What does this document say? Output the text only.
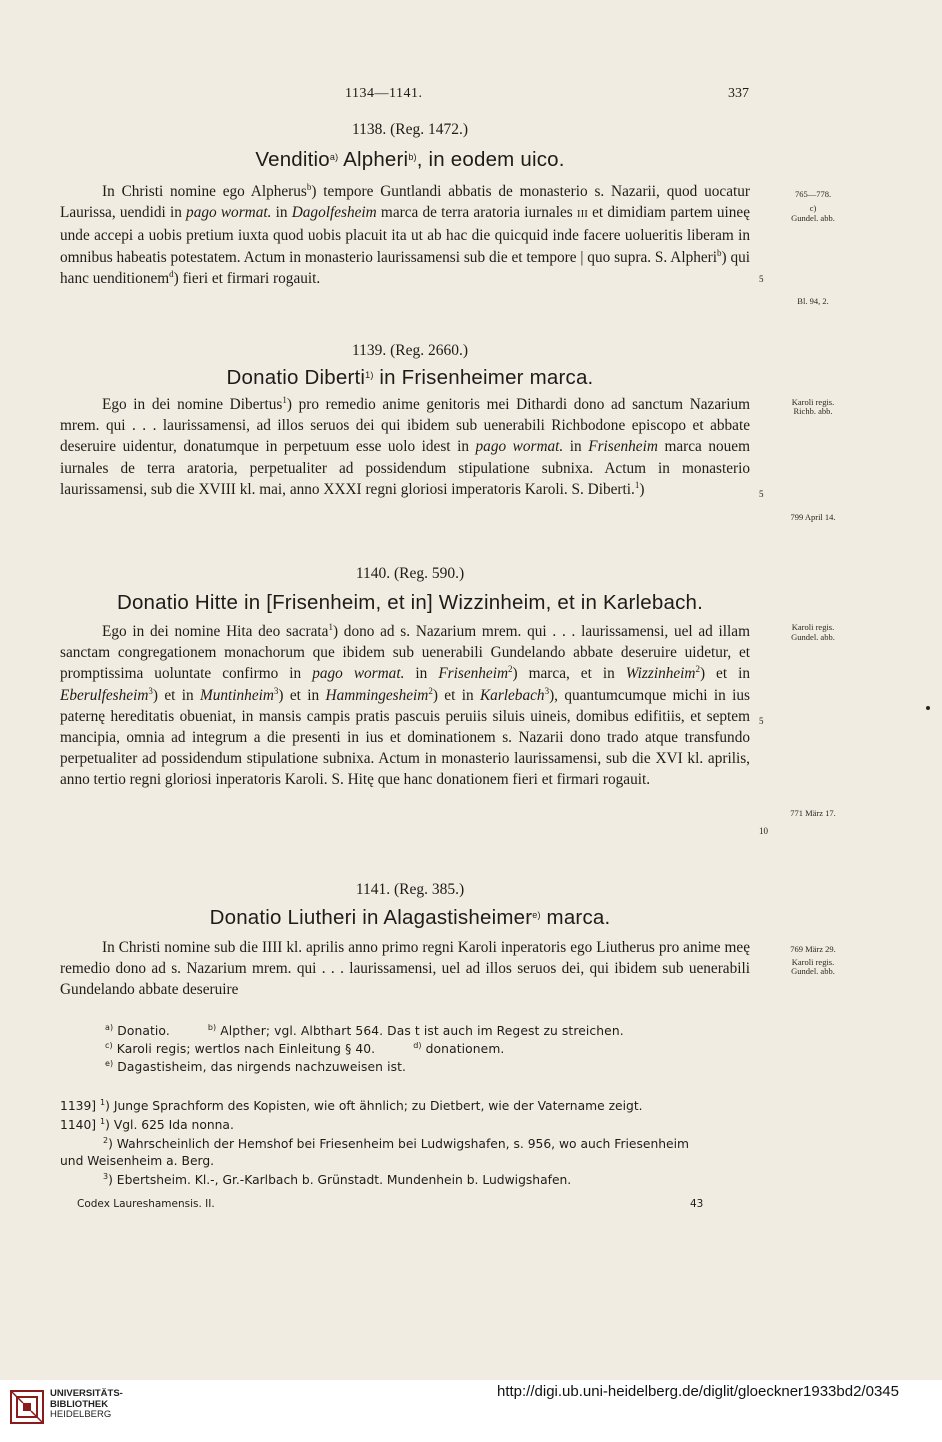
1134—1141.	337
1138. (Reg. 1472.)
Venditio$^{a)}$ Alpheri$^{b)}$, in eodem uico.

In Christi nomine ego Alpherus$^b$) tempore Guntlandi abbatis de monasterio s. Nazarii, quod uocatur Laurissa, uendidi in pago wormat. in Dagolfesheim marca de terra aratoria iurnales III et dimidiam partem uineę unde accepi a uobis pretium iuxta quod uobis placuit ita ut ab hac die quicquid inde facere uolueritis liberam in omnibus habeatis potestatem. Actum in monasterio laurissamensi sub die et tempore | quo supra. S. Alpheri$^b$) qui hanc uenditionem$^d$) fieri et firmari rogauit.

765—778.
c)
Gundel. abb.
Bl. 94, 2.
5
1139. (Reg. 2660.)
Donatio Diberti$^{1)}$ in Frisenheimer marca.

Ego in dei nomine Dibertus$^1$) pro remedio anime genitoris mei Dithardi dono ad sanctum Nazarium mrem. qui . . . laurissamensi, ad illos seruos dei qui ibidem sub uenerabili Richbodone episcopo et abbate deseruire uidentur, donatumque in perpetuum esse uolo idest in pago wormat. in Frisenheim marca nouem iurnales de terra aratoria, perpetualiter ad possidendum stipulatione subnixa. Actum in monasterio laurissamensi, sub die XVIII kl. mai, anno XXXI regni gloriosi imperatoris Karoli. S. Diberti.$^1$)

Karoli regis.
Richb. abb.
799 April 14.
5
1140. (Reg. 590.)
Donatio Hitte in [Frisenheim, et in] Wizzinheim, et in Karlebach.

Ego in dei nomine Hita deo sacrata$^1$) dono ad s. Nazarium mrem. qui . . . laurissamensi, uel ad illam sanctam congregationem monachorum que ibidem sub uenerabili Gundelando abbate deseruire uidetur, et promptissima uoluntate confirmo in pago wormat. in Frisenheim$^2$) marca, et in Wizzinheim$^2$) et in Eberulfesheim$^3$) et in Muntinheim$^3$) et in Hammingesheim$^2$) et in Karlebach$^3$), quantumcumque michi in ius paternę hereditatis obueniat, in mansis campis pratis pascuis peruiis siluis uineis, domibus edifitiis, et septem mancipia, omnia ad integrum a die presenti in ius et dominationem s. Nazarii dono trado atque transfundo perpetualiter ad possidendum stipulatione subnixa. Actum in monasterio laurissamensi, sub die XVI kl. aprilis, anno tertio regni gloriosi inperatoris Karoli. S. Hitę que hanc donationem fieri et firmari rogauit.

Karoli regis.
Gundel. abb.
771 März 17.
5
10
1141. (Reg. 385.)
Donatio Liutheri in Alagastisheimer$^{e)}$ marca.

In Christi nomine sub die IIII kl. aprilis anno primo regni Karoli inperatoris ego Liutherus pro anime meę remedio dono ad s. Nazarium mrem. qui . . . laurissamensi, uel ad illos seruos dei, qui ibidem sub uenerabili Gundelando abbate deseruire

769 März 29.
Karoli regis.
Gundel. abb.
$^{a)}$ Donatio.	$^{b)}$ Alpther; vgl. Albthart 564. Das t ist auch im Regest zu streichen.
$^{c)}$ Karoli regis; wertlos nach Einleitung § 40.	$^{d)}$ donationem.
$^{e)}$ Dagastisheim, das nirgends nachzuweisen ist.
1139] $^1$) Junge Sprachform des Kopisten, wie oft ähnlich; zu Dietbert, wie der Vatername zeigt.
1140] $^1$) Vgl. 625 Ida nonna.
$^2$) Wahrscheinlich der Hemshof bei Friesenheim bei Ludwigshafen, s. 956, wo auch Friesenheim
und Weisenheim a. Berg.
$^3$) Ebertsheim. Kl.-, Gr.-Karlbach b. Grünstadt. Mundenhein b. Ludwigshafen.
Codex Laureshamensis. II.	43
UNIVERSITÄTS-
BIBLIOTHEK
HEIDELBERG
http://digi.ub.uni-heidelberg.de/diglit/gloeckner1933bd2/0345
